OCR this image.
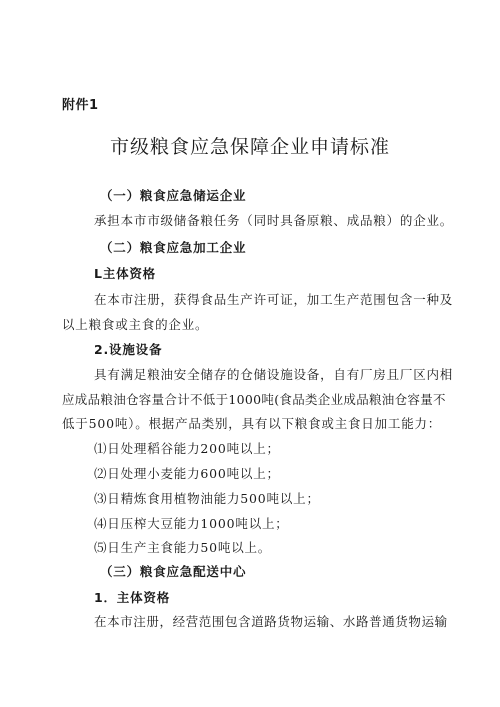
附件1
市级粮食应急保障企业申请标准
（一）粮食应急储运企业
承担本市市级储备粮任务（同时具备原粮、成品粮）的企业。
（二）粮食应急加工企业
L主体资格
在本市注册，获得食品生产许可证，加工生产范围包含一种及
以上粮食或主食的企业。
2.设施设备
具有满足粮油安全储存的仓储设施设备，自有厂房且厂区内相
应成品粮油仓容量合计不低于1000吨(食品类企业成品粮油仓容量不
低于500吨）。根据产品类别，具有以下粮食或主食日加工能力：
⑴日处理稻谷能力200吨以上；
⑵日处理小麦能力600吨以上；
⑶日精炼食用植物油能力500吨以上；
⑷日压榨大豆能力1000吨以上；
⑸日生产主食能力50吨以上。
（三）粮食应急配送中心
1．主体资格
在本市注册，经营范围包含道路货物运输、水路普通货物运输
